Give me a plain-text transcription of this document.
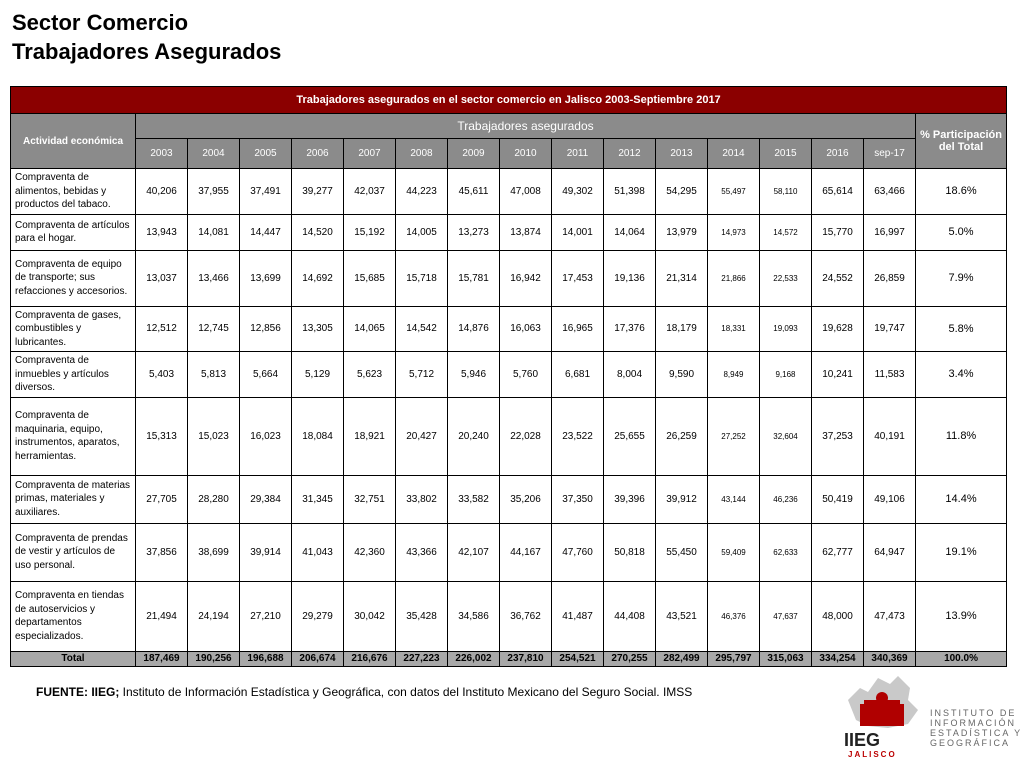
Sector Comercio
Trabajadores Asegurados
Trabajadores asegurados en el sector comercio en Jalisco 2003-Septiembre 2017																
Actividad económica	Trabajadores asegurados															% Participación del Total
	2003	2004	2005	2006	2007	2008	2009	2010	2011	2012	2013	2014	2015	2016	sep-17	
Compraventa de alimentos, bebidas y productos del tabaco.	40,206	37,955	37,491	39,277	42,037	44,223	45,611	47,008	49,302	51,398	54,295	55,497	58,110	65,614	63,466	18.6%
Compraventa de artículos para el hogar.	13,943	14,081	14,447	14,520	15,192	14,005	13,273	13,874	14,001	14,064	13,979	14,973	14,572	15,770	16,997	5.0%
Compraventa de equipo de transporte; sus refacciones y accesorios.	13,037	13,466	13,699	14,692	15,685	15,718	15,781	16,942	17,453	19,136	21,314	21,866	22,533	24,552	26,859	7.9%
Compraventa de gases, combustibles y lubricantes.	12,512	12,745	12,856	13,305	14,065	14,542	14,876	16,063	16,965	17,376	18,179	18,331	19,093	19,628	19,747	5.8%
Compraventa de inmuebles y artículos diversos.	5,403	5,813	5,664	5,129	5,623	5,712	5,946	5,760	6,681	8,004	9,590	8,949	9,168	10,241	11,583	3.4%
Compraventa de maquinaria, equipo, instrumentos, aparatos, herramientas.	15,313	15,023	16,023	18,084	18,921	20,427	20,240	22,028	23,522	25,655	26,259	27,252	32,604	37,253	40,191	11.8%
Compraventa de materias primas, materiales y auxiliares.	27,705	28,280	29,384	31,345	32,751	33,802	33,582	35,206	37,350	39,396	39,912	43,144	46,236	50,419	49,106	14.4%
Compraventa de prendas de vestir y artículos de uso personal.	37,856	38,699	39,914	41,043	42,360	43,366	42,107	44,167	47,760	50,818	55,450	59,409	62,633	62,777	64,947	19.1%
Compraventa en tiendas de autoservicios y departamentos especializados.	21,494	24,194	27,210	29,279	30,042	35,428	34,586	36,762	41,487	44,408	43,521	46,376	47,637	48,000	47,473	13.9%
Total	187,469	190,256	196,688	206,674	216,676	227,223	226,002	237,810	254,521	270,255	282,499	295,797	315,063	334,254	340,369	100.0%
FUENTE: IIEG; Instituto de Información Estadística y Geográfica, con datos del Instituto Mexicano del Seguro Social. IMSS
IIEG
JALISCO
INSTITUTO DE
INFORMACIÓN
ESTADÍSTICA Y
GEOGRÁFICA
